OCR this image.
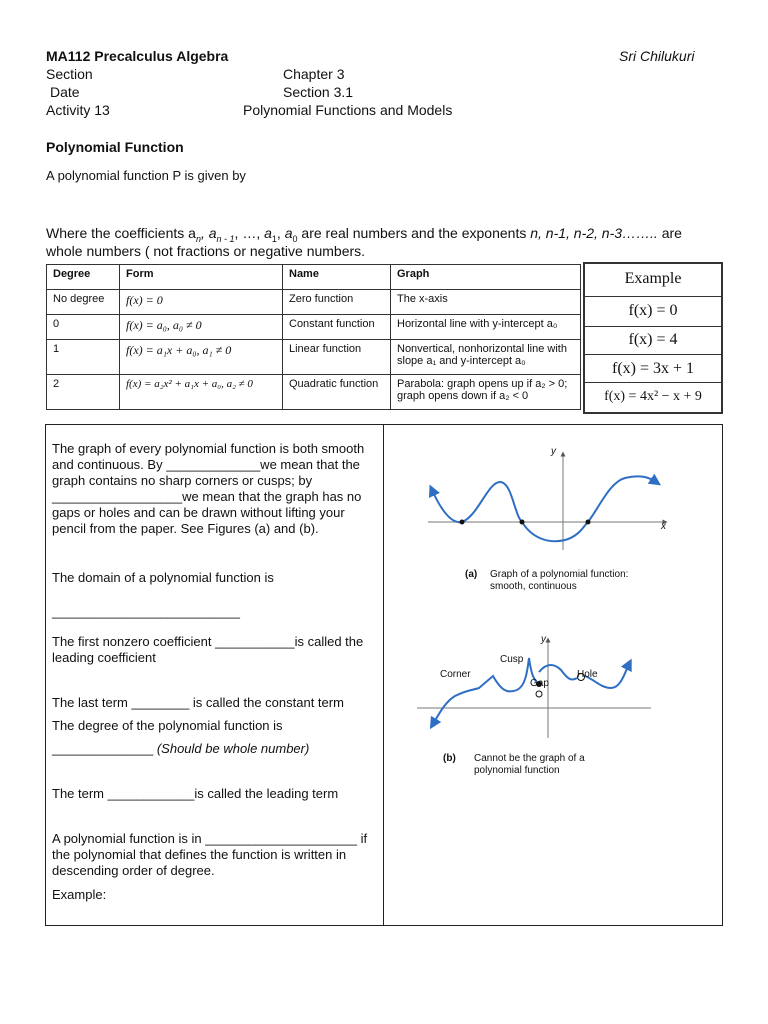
MA112 Precalculus Algebra	Sri Chilukuri
Section	Chapter 3
Date	Section 3.1
Activity 13	Polynomial Functions and Models
Polynomial Function
A polynomial function P is given by
Where the coefficients $a_n$, $a_{n - 1}$, …, $a_1$, $a_0$ are real numbers and the exponents n, n-1, n-2, n-3…….. are
whole numbers ( not fractions or negative numbers.
Degree	Form	Name	Graph
No degree	f(x) = 0	Zero function	The x-axis
0	f(x) = a₀, a₀ ≠ 0	Constant function	Horizontal line with y-intercept a₀
1	f(x) = a₁x + a₀, a₁ ≠ 0	Linear function	Nonvertical, nonhorizontal line with slope a₁ and y-intercept a₀
2	f(x) = a₂x² + a₁x + a₀, a₂ ≠ 0	Quadratic function	Parabola: graph opens up if a₂ > 0; graph opens down if a₂ < 0
Example
f(x) = 0
f(x) = 4
f(x) = 3x + 1
f(x) = 4x² − x + 9
The graph of every polynomial function is both smooth and continuous. By _____________we mean that the graph contains no sharp corners or cusps; by __________________we mean that the graph has no gaps or holes and can be drawn without lifting your pencil from the paper. See Figures (a) and (b).
The domain of a polynomial function is
__________________________
The first nonzero coefficient ___________is called the leading coefficient
The last term ________ is called the constant term
The degree of the polynomial function is
______________ (Should be whole number)
The term ____________is called the leading term
A polynomial function is in _____________________ if the polynomial that defines the function is written in descending order of degree.
Example:
y
x
(a) Graph of a polynomial function: smooth, continuous
y
Corner
Cusp
Gap
Hole
(b) Cannot be the graph of a polynomial function
